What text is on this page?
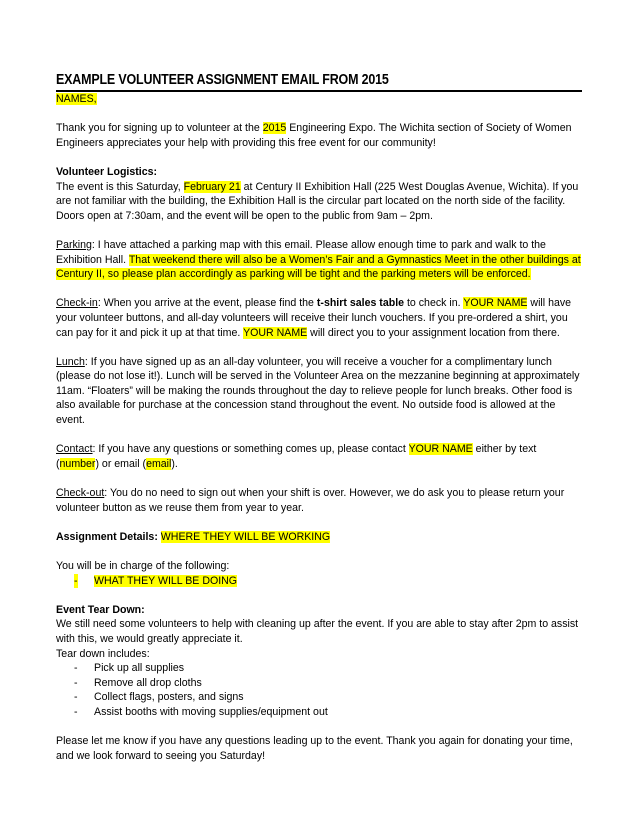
EXAMPLE VOLUNTEER ASSIGNMENT EMAIL FROM 2015

NAMES,

Thank you for signing up to volunteer at the 2015 Engineering Expo. The Wichita section of Society of Women Engineers appreciates your help with providing this free event for our community!

Volunteer Logistics:

The event is this Saturday, February 21 at Century II Exhibition Hall (225 West Douglas Avenue, Wichita). If you are not familiar with the building, the Exhibition Hall is the circular part located on the north side of the facility. Doors open at 7:30am, and the event will be open to the public from 9am – 2pm.

Parking: I have attached a parking map with this email. Please allow enough time to park and walk to the Exhibition Hall. That weekend there will also be a Women’s Fair and a Gymnastics Meet in the other buildings at Century II, so please plan accordingly as parking will be tight and the parking meters will be enforced.

Check-in: When you arrive at the event, please find the t-shirt sales table to check in. YOUR NAME will have your volunteer buttons, and all-day volunteers will receive their lunch vouchers. If you pre-ordered a shirt, you can pay for it and pick it up at that time. YOUR NAME will direct you to your assignment location from there.

Lunch: If you have signed up as an all-day volunteer, you will receive a voucher for a complimentary lunch (please do not lose it!). Lunch will be served in the Volunteer Area on the mezzanine beginning at approximately 11am. “Floaters” will be making the rounds throughout the day to relieve people for lunch breaks. Other food is also available for purchase at the concession stand throughout the event. No outside food is allowed at the event.

Contact: If you have any questions or something comes up, please contact YOUR NAME either by text (number) or email (email).

Check-out: You do no need to sign out when your shift is over. However, we do ask you to please return your volunteer button as we reuse them from year to year.

Assignment Details: WHERE THEY WILL BE WORKING

You will be in charge of the following:

- WHAT THEY WILL BE DOING

Event Tear Down:

We still need some volunteers to help with cleaning up after the event. If you are able to stay after 2pm to assist with this, we would greatly appreciate it.

Tear down includes:

- Pick up all supplies
- Remove all drop cloths
- Collect flags, posters, and signs
- Assist booths with moving supplies/equipment out

Please let me know if you have any questions leading up to the event. Thank you again for donating your time, and we look forward to seeing you Saturday!
